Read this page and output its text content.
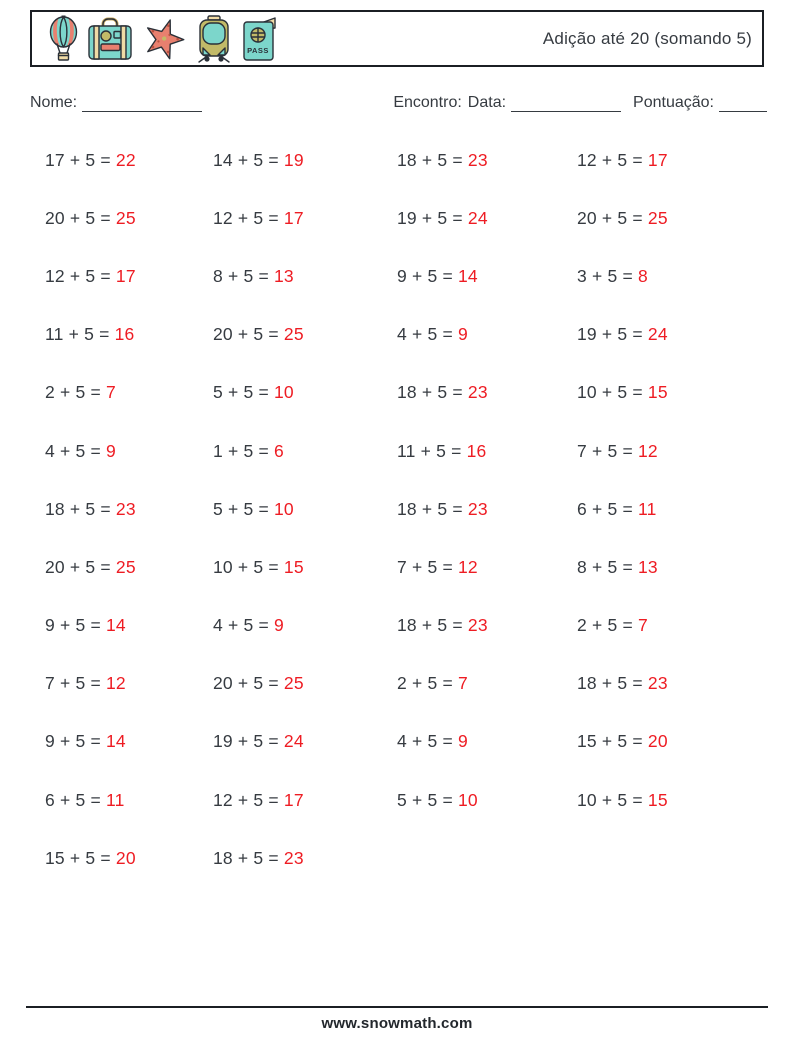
PASS
Adição até 20 (somando 5)
Nome:	Encontro: Data:	Pontuação:
17 + 5 = 22	14 + 5 = 19	18 + 5 = 23	12 + 5 = 17
20 + 5 = 25	12 + 5 = 17	19 + 5 = 24	20 + 5 = 25
12 + 5 = 17	8 + 5 = 13	9 + 5 = 14	3 + 5 = 8
11 + 5 = 16	20 + 5 = 25	4 + 5 = 9	19 + 5 = 24
2 + 5 = 7	5 + 5 = 10	18 + 5 = 23	10 + 5 = 15
4 + 5 = 9	1 + 5 = 6	11 + 5 = 16	7 + 5 = 12
18 + 5 = 23	5 + 5 = 10	18 + 5 = 23	6 + 5 = 11
20 + 5 = 25	10 + 5 = 15	7 + 5 = 12	8 + 5 = 13
9 + 5 = 14	4 + 5 = 9	18 + 5 = 23	2 + 5 = 7
7 + 5 = 12	20 + 5 = 25	2 + 5 = 7	18 + 5 = 23
9 + 5 = 14	19 + 5 = 24	4 + 5 = 9	15 + 5 = 20
6 + 5 = 11	12 + 5 = 17	5 + 5 = 10	10 + 5 = 15
15 + 5 = 20	18 + 5 = 23
www.snowmath.com
